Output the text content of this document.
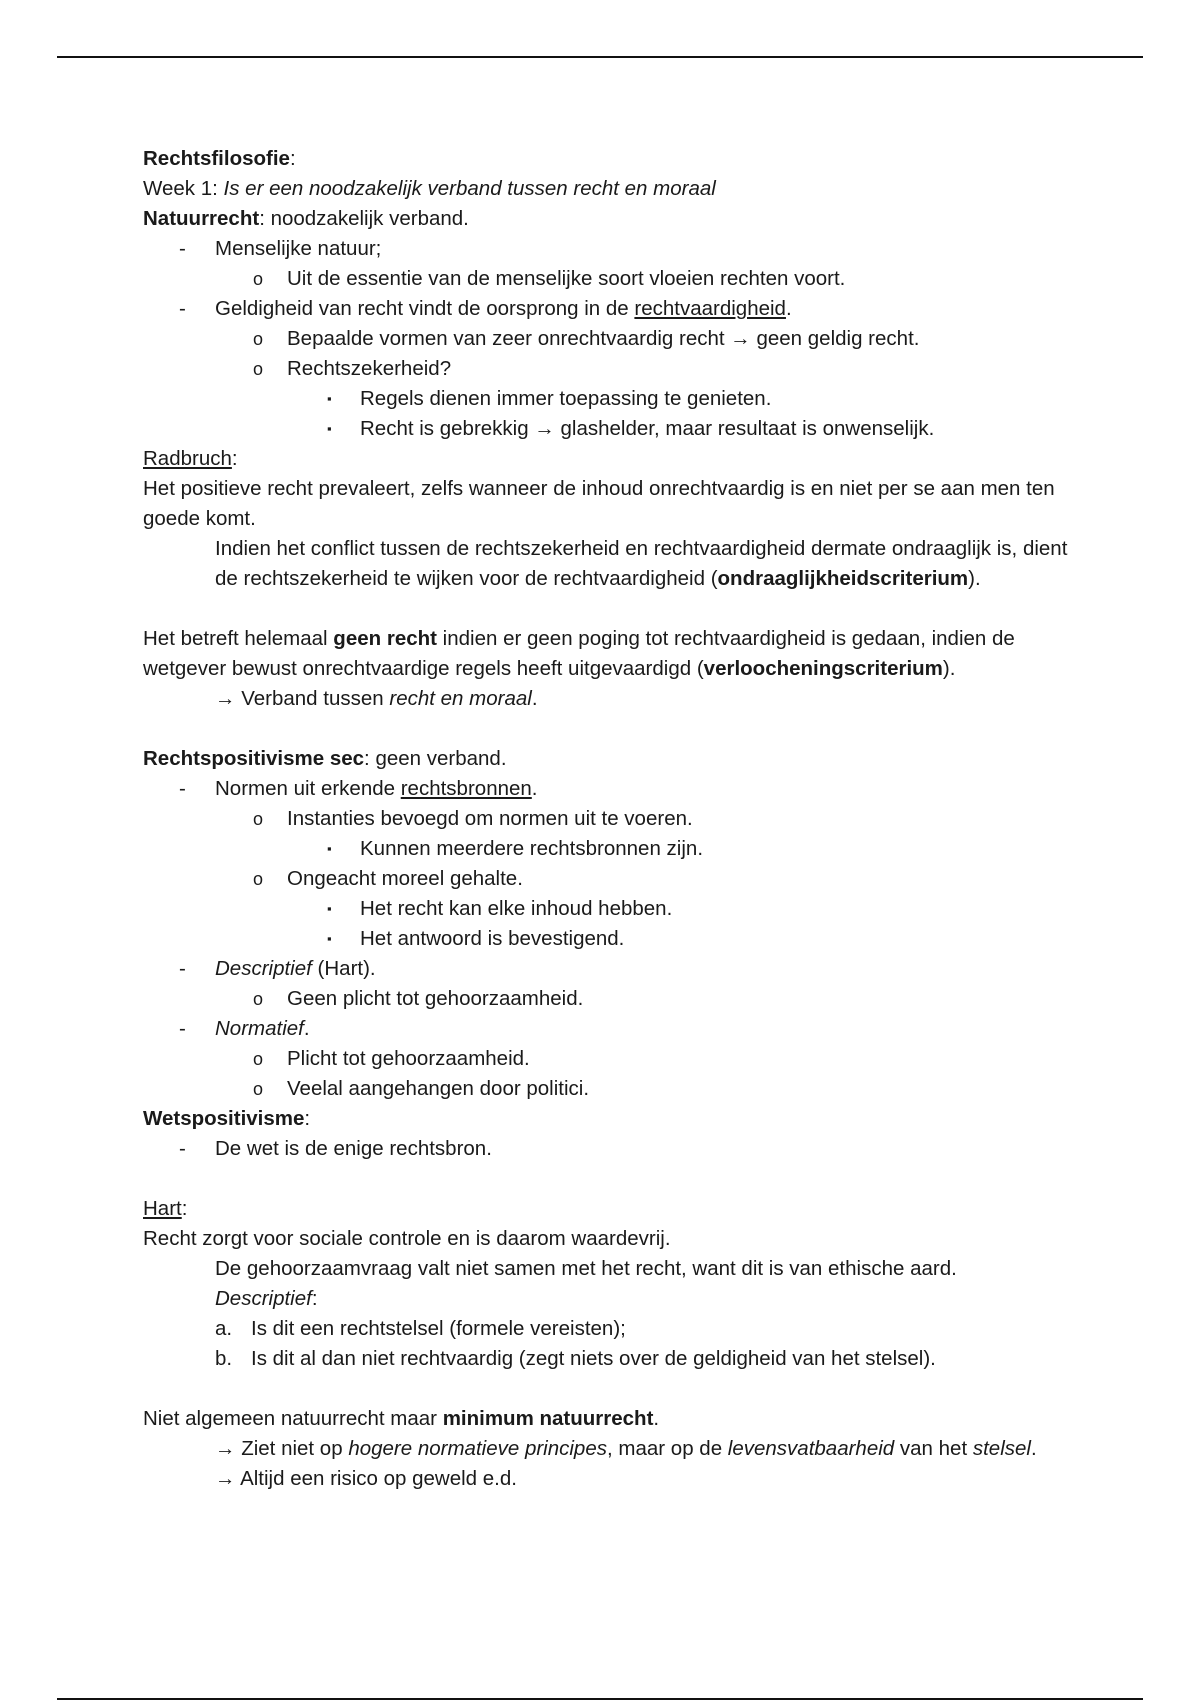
Rechtsfilosofie:
Week 1: Is er een noodzakelijk verband tussen recht en moraal
Natuurrecht: noodzakelijk verband.
- Menselijke natuur;
o Uit de essentie van de menselijke soort vloeien rechten voort.
- Geldigheid van recht vindt de oorsprong in de rechtvaardigheid.
o Bepaalde vormen van zeer onrechtvaardig recht → geen geldig recht.
o Rechtszekerheid?
▪ Regels dienen immer toepassing te genieten.
▪ Recht is gebrekkig → glashelder, maar resultaat is onwenselijk.
Radbruch:
Het positieve recht prevaleert, zelfs wanneer de inhoud onrechtvaardig is en niet per se aan men ten goede komt.
Indien het conflict tussen de rechtszekerheid en rechtvaardigheid dermate ondraaglijk is, dient de rechtszekerheid te wijken voor de rechtvaardigheid (ondraaglijkheidscriterium).
Het betreft helemaal geen recht indien er geen poging tot rechtvaardigheid is gedaan, indien de wetgever bewust onrechtvaardige regels heeft uitgevaardigd (verloocheningscriterium).
→ Verband tussen recht en moraal.
Rechtspositivisme sec: geen verband.
- Normen uit erkende rechtsbronnen.
o Instanties bevoegd om normen uit te voeren.
▪ Kunnen meerdere rechtsbronnen zijn.
o Ongeacht moreel gehalte.
▪ Het recht kan elke inhoud hebben.
▪ Het antwoord is bevestigend.
- Descriptief (Hart).
o Geen plicht tot gehoorzaamheid.
- Normatief.
o Plicht tot gehoorzaamheid.
o Veelal aangehangen door politici.
Wetspositivisme:
- De wet is de enige rechtsbron.
Hart:
Recht zorgt voor sociale controle en is daarom waardevrij.
De gehoorzaamvraag valt niet samen met het recht, want dit is van ethische aard.
Descriptief:
a. Is dit een rechtstelsel (formele vereisten);
b. Is dit al dan niet rechtvaardig (zegt niets over de geldigheid van het stelsel).
Niet algemeen natuurrecht maar minimum natuurrecht.
→ Ziet niet op hogere normatieve principes, maar op de levensvatbaarheid van het stelsel.
→ Altijd een risico op geweld e.d.
